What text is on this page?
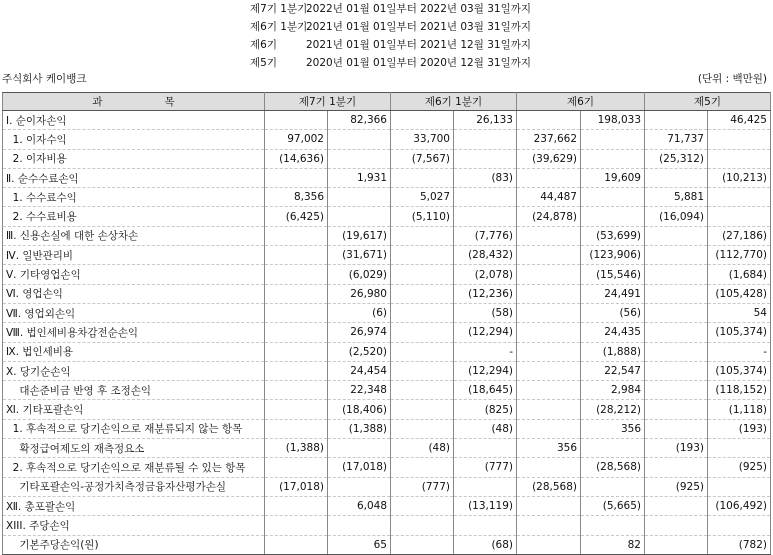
제7기 1분기2022년 01월 01일부터 2022년 03월 31일까지
제6기 1분기2021년 01월 01일부터 2021년 03월 31일까지
제6기	2021년 01월 01일부터 2021년 12월 31일까지
제5기	2020년 01월 01일부터 2020년 12월 31일까지
주식회사 케이뱅크	(단위 : 백만원)
과 목	제7기 1분기		제6기 1분기		제6기		제5기	
Ⅰ. 순이자손익		82,366		26,133		198,033		46,425
1. 이자수익	97,002		33,700		237,662		71,737	
2. 이자비용	(14,636)		(7,567)		(39,629)		(25,312)	
Ⅱ. 순수수료손익		1,931		(83)		19,609		(10,213)
1. 수수료수익	8,356		5,027		44,487		5,881	
2. 수수료비용	(6,425)		(5,110)		(24,878)		(16,094)	
Ⅲ. 신용손실에 대한 손상차손		(19,617)		(7,776)		(53,699)		(27,186)
Ⅳ. 일반관리비		(31,671)		(28,432)		(123,906)		(112,770)
Ⅴ. 기타영업손익		(6,029)		(2,078)		(15,546)		(1,684)
Ⅵ. 영업손익		26,980		(12,236)		24,491		(105,428)
Ⅶ. 영업외손익		(6)		(58)		(56)		54
Ⅷ. 법인세비용차감전순손익		26,974		(12,294)		24,435		(105,374)
Ⅸ. 법인세비용		(2,520)		-		(1,888)		-
Ⅹ. 당기순손익		24,454		(12,294)		22,547		(105,374)
대손준비금 반영 후 조정손익		22,348		(18,645)		2,984		(118,152)
Ⅺ. 기타포괄손익		(18,406)		(825)		(28,212)		(1,118)
1. 후속적으로 당기손익으로 재분류되지 않는 항목		(1,388)		(48)		356		(193)
확정급여제도의 재측정요소	(1,388)		(48)		356		(193)	
2. 후속적으로 당기손익으로 재분류될 수 있는 항목		(17,018)		(777)		(28,568)		(925)
기타포괄손익-공정가치측정금융자산평가손실	(17,018)		(777)		(28,568)		(925)	
Ⅻ. 총포괄손익		6,048		(13,119)		(5,665)		(106,492)
XIII. 주당손익								
기본주당손익(원)		65		(68)		82		(782)
